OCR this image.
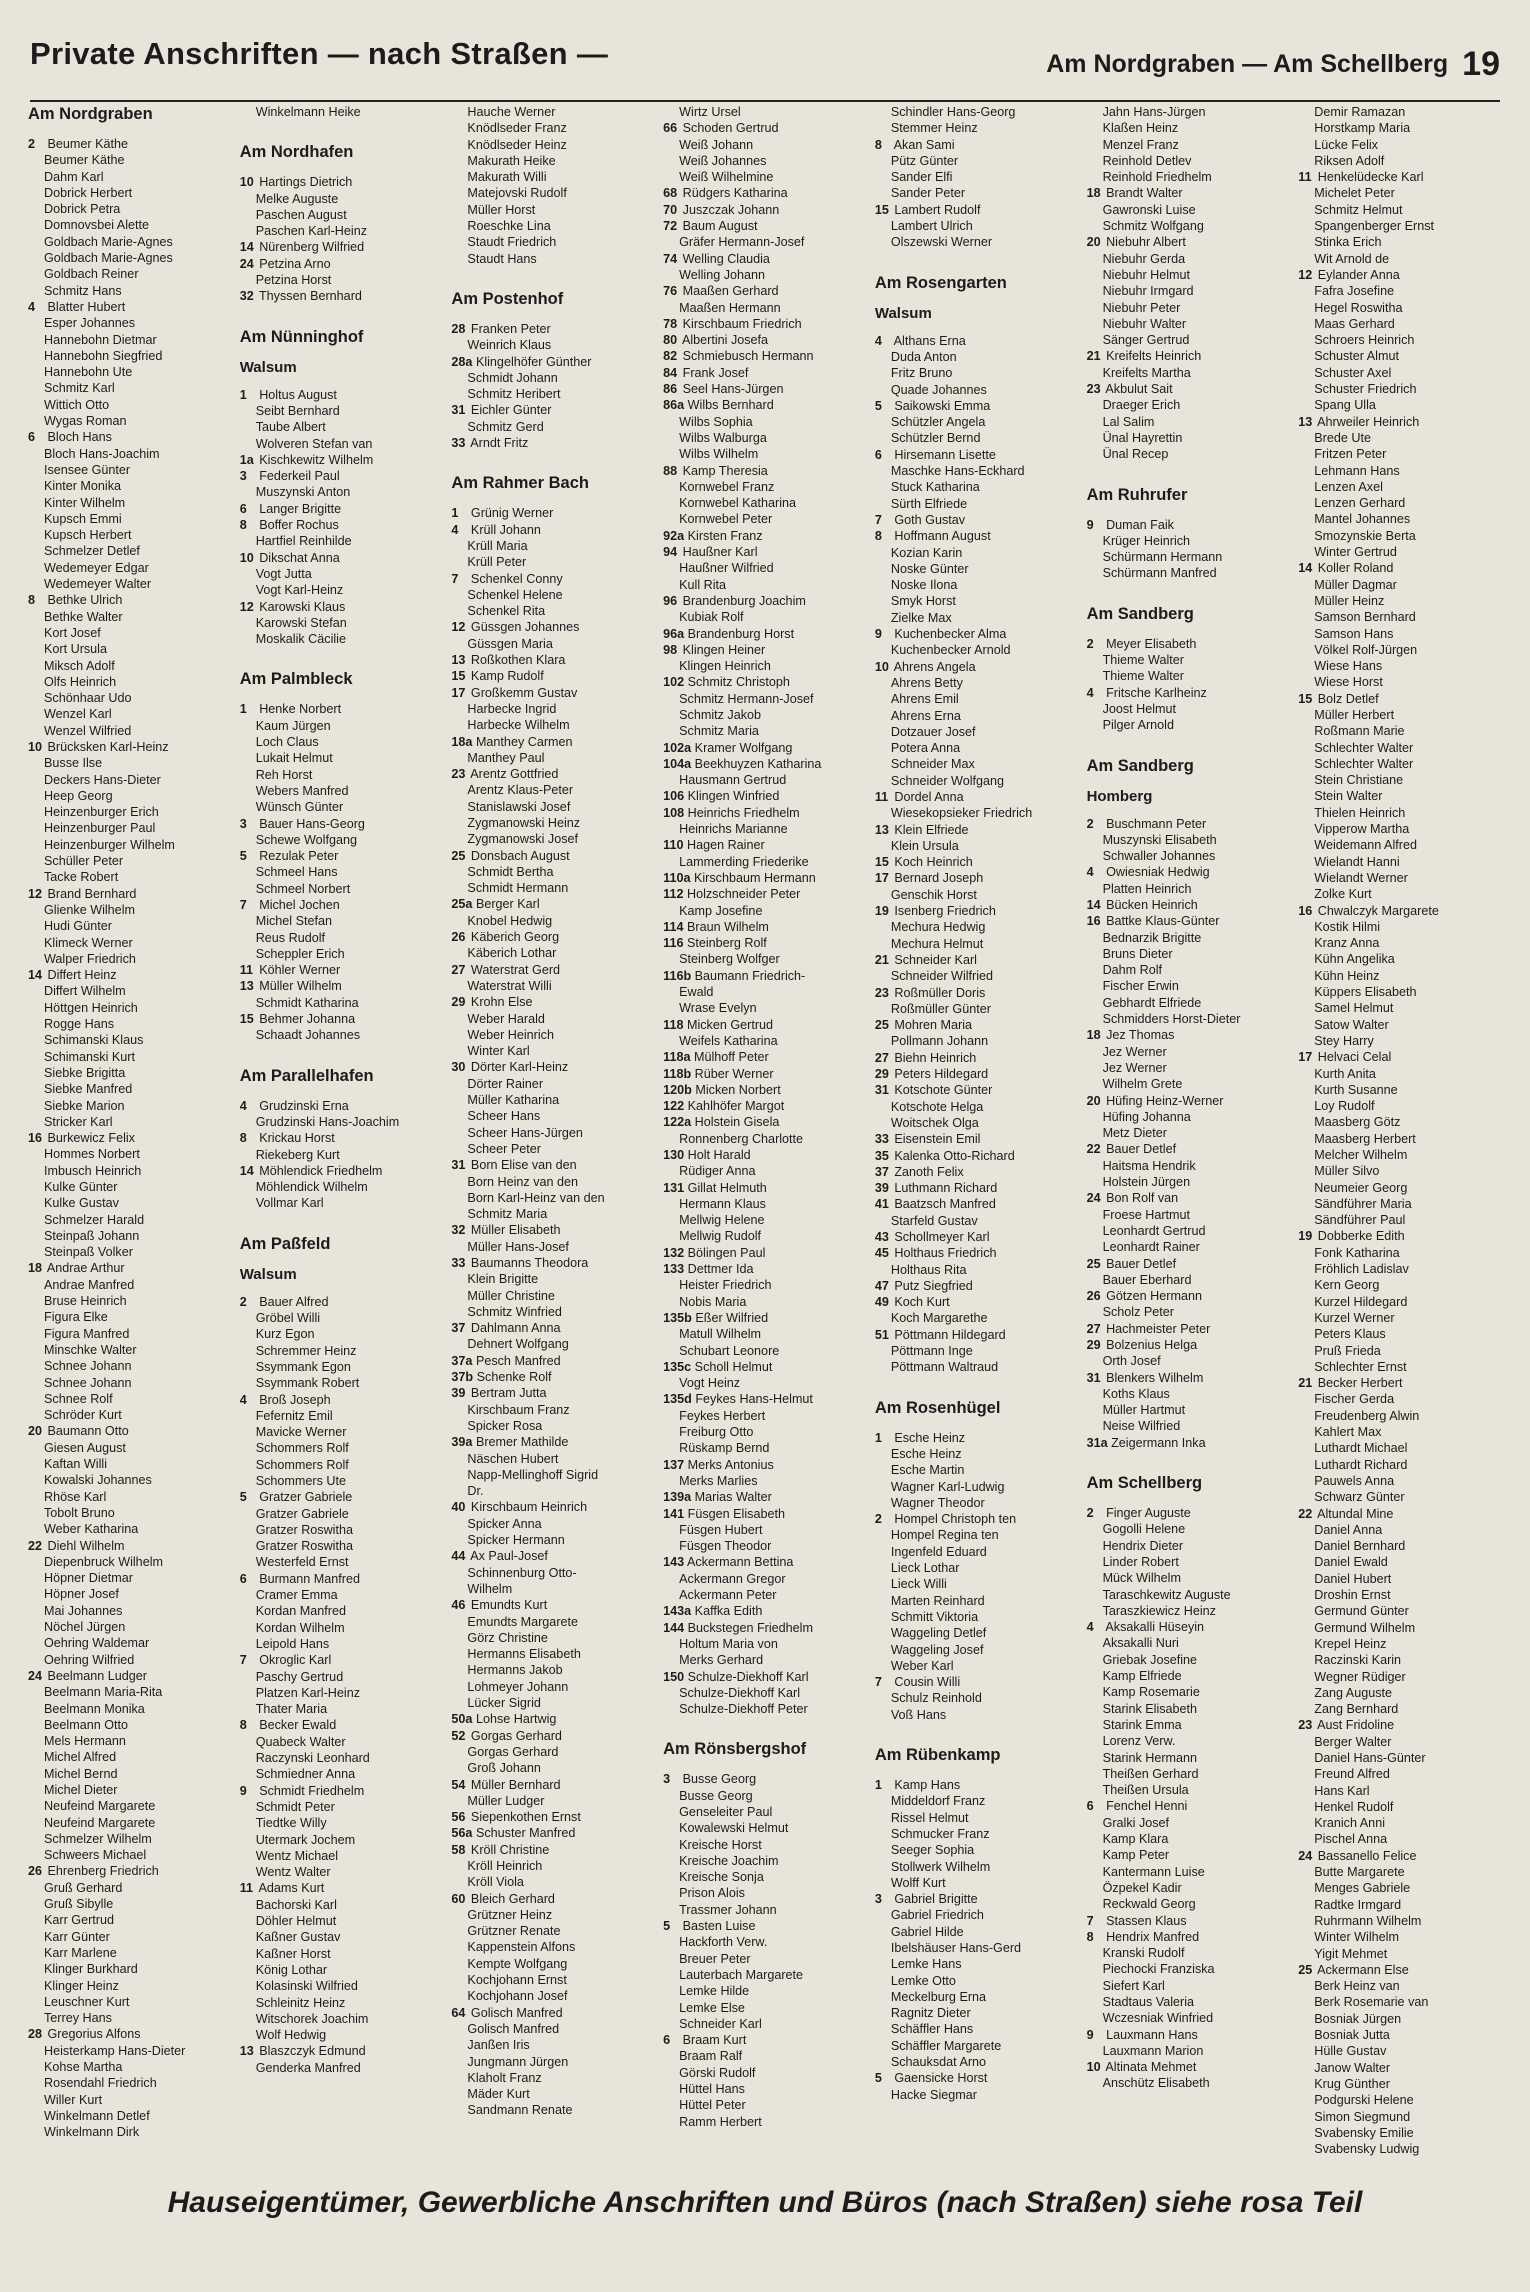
Private Anschriften — nach Straßen —	Am Nordgraben — Am Schellberg 19
Am Nordgraben
2 Beumer Käthe
Beumer Käthe
Dahm Karl
Dobrick Herbert
Dobrick Petra
Domnovsbei Alette
Goldbach Marie-Agnes
Goldbach Marie-Agnes
Goldbach Reiner
Schmitz Hans
4 Blatter Hubert
Esper Johannes
Hannebohn Dietmar
Hannebohn Siegfried
Hannebohn Ute
Schmitz Karl
Wittich Otto
Wygas Roman
6 Bloch Hans
Bloch Hans-Joachim
Isensee Günter
Kinter Monika
Kinter Wilhelm
Kupsch Emmi
Kupsch Herbert
Schmelzer Detlef
Wedemeyer Edgar
Wedemeyer Walter
8 Bethke Ulrich
Bethke Walter
Kort Josef
Kort Ursula
Miksch Adolf
Olfs Heinrich
Schönhaar Udo
Wenzel Karl
Wenzel Wilfried
10 Brücksken Karl-Heinz
Busse Ilse
Deckers Hans-Dieter
Heep Georg
Heinzenburger Erich
Heinzenburger Paul
Heinzenburger Wilhelm
Schüller Peter
Tacke Robert
12 Brand Bernhard
Glienke Wilhelm
Hudi Günter
Klimeck Werner
Walper Friedrich
14 Differt Heinz
Differt Wilhelm
Höttgen Heinrich
Rogge Hans
Schimanski Klaus
Schimanski Kurt
Siebke Brigitta
Siebke Manfred
Siebke Marion
Stricker Karl
16 Burkewicz Felix
Hommes Norbert
Imbusch Heinrich
Kulke Günter
Kulke Gustav
Schmelzer Harald
Steinpaß Johann
Steinpaß Volker
18 Andrae Arthur
Andrae Manfred
Bruse Heinrich
Figura Elke
Figura Manfred
Minschke Walter
Schnee Johann
Schnee Johann
Schnee Rolf
Schröder Kurt
20 Baumann Otto
Giesen August
Kaftan Willi
Kowalski Johannes
Rhöse Karl
Tobolt Bruno
Weber Katharina
22 Diehl Wilhelm
Diepenbruck Wilhelm
Höpner Dietmar
Höpner Josef
Mai Johannes
Nöchel Jürgen
Oehring Waldemar
Oehring Wilfried
24 Beelmann Ludger
Beelmann Maria-Rita
Beelmann Monika
Beelmann Otto
Mels Hermann
Michel Alfred
Michel Bernd
Michel Dieter
Neufeind Margarete
Neufeind Margarete
Schmelzer Wilhelm
Schweers Michael
26 Ehrenberg Friedrich
Gruß Gerhard
Gruß Sibylle
Karr Gertrud
Karr Günter
Karr Marlene
Klinger Burkhard
Klinger Heinz
Leuschner Kurt
Terrey Hans
28 Gregorius Alfons
Heisterkamp Hans-Dieter
Kohse Martha
Rosendahl Friedrich
Willer Kurt
Winkelmann Detlef
Winkelmann Dirk
Winkelmann Heike
Am Nordhafen
10 Hartings Dietrich
Melke Auguste
Paschen August
Paschen Karl-Heinz
14 Nürenberg Wilfried
24 Petzina Arno
Petzina Horst
32 Thyssen Bernhard
Am Nünninghof
Walsum
1 Holtus August
Seibt Bernhard
Taube Albert
Wolveren Stefan van
1a Kischkewitz Wilhelm
3 Federkeil Paul
Muszynski Anton
6 Langer Brigitte
8 Boffer Rochus
Hartfiel Reinhilde
10 Dikschat Anna
Vogt Jutta
Vogt Karl-Heinz
12 Karowski Klaus
Karowski Stefan
Moskalik Cäcilie
Am Palmbleck
1 Henke Norbert
Kaum Jürgen
Loch Claus
Lukait Helmut
Reh Horst
Webers Manfred
Wünsch Günter
3 Bauer Hans-Georg
Schewe Wolfgang
5 Rezulak Peter
Schmeel Hans
Schmeel Norbert
7 Michel Jochen
Michel Stefan
Reus Rudolf
Scheppler Erich
11 Köhler Werner
13 Müller Wilhelm
Schmidt Katharina
15 Behmer Johanna
Schaadt Johannes
Am Parallelhafen
4 Grudzinski Erna
Grudzinski Hans-Joachim
8 Krickau Horst
Riekeberg Kurt
14 Möhlendick Friedhelm
Möhlendick Wilhelm
Vollmar Karl
Am Paßfeld
Walsum
2 Bauer Alfred
Gröbel Willi
Kurz Egon
Schremmer Heinz
Ssymmank Egon
Ssymmank Robert
4 Broß Joseph
Fefernitz Emil
Mavicke Werner
Schommers Rolf
Schommers Rolf
Schommers Ute
5 Gratzer Gabriele
Gratzer Gabriele
Gratzer Roswitha
Gratzer Roswitha
Westerfeld Ernst
6 Burmann Manfred
Cramer Emma
Kordan Manfred
Kordan Wilhelm
Leipold Hans
7 Okroglic Karl
Paschy Gertrud
Platzen Karl-Heinz
Thater Maria
8 Becker Ewald
Quabeck Walter
Raczynski Leonhard
Schmiedner Anna
9 Schmidt Friedhelm
Schmidt Peter
Tiedtke Willy
Utermark Jochem
Wentz Michael
Wentz Walter
11 Adams Kurt
Bachorski Karl
Döhler Helmut
Kaßner Gustav
Kaßner Horst
König Lothar
Kolasinski Wilfried
Schleinitz Heinz
Witschorek Joachim
Wolf Hedwig
13 Blaszczyk Edmund
Genderka Manfred
Hauche Werner
Knödlseder Franz
Knödlseder Heinz
Makurath Heike
Makurath Willi
Matejovski Rudolf
Müller Horst
Roeschke Lina
Staudt Friedrich
Staudt Hans
Am Postenhof
28 Franken Peter
Weinrich Klaus
28a Klingelhöfer Günther
Schmidt Johann
Schmitz Heribert
31 Eichler Günter
Schmitz Gerd
33 Arndt Fritz
Am Rahmer Bach
1 Grünig Werner
4 Krüll Johann
Krüll Maria
Krüll Peter
7 Schenkel Conny
Schenkel Helene
Schenkel Rita
12 Güssgen Johannes
Güssgen Maria
13 Roßkothen Klara
15 Kamp Rudolf
17 Großkemm Gustav
Harbecke Ingrid
Harbecke Wilhelm
18a Manthey Carmen
Manthey Paul
23 Arentz Gottfried
Arentz Klaus-Peter
Stanislawski Josef
Zygmanowski Heinz
Zygmanowski Josef
25 Donsbach August
Schmidt Bertha
Schmidt Hermann
25a Berger Karl
Knobel Hedwig
26 Käberich Georg
Käberich Lothar
27 Waterstrat Gerd
Waterstrat Willi
29 Krohn Else
Weber Harald
Weber Heinrich
Winter Karl
30 Dörter Karl-Heinz
Dörter Rainer
Müller Katharina
Scheer Hans
Scheer Hans-Jürgen
Scheer Peter
31 Born Elise van den
Born Heinz van den
Born Karl-Heinz van den
Schmitz Maria
32 Müller Elisabeth
Müller Hans-Josef
33 Baumanns Theodora
Klein Brigitte
Müller Christine
Schmitz Winfried
37 Dahlmann Anna
Dehnert Wolfgang
37a Pesch Manfred
37b Schenke Rolf
39 Bertram Jutta
Kirschbaum Franz
Spicker Rosa
39a Bremer Mathilde
Näschen Hubert
Napp-Mellinghoff Sigrid
Dr.
40 Kirschbaum Heinrich
Spicker Anna
Spicker Hermann
44 Ax Paul-Josef
Schinnenburg Otto-
Wilhelm
46 Emundts Kurt
Emundts Margarete
Görz Christine
Hermanns Elisabeth
Hermanns Jakob
Lohmeyer Johann
Lücker Sigrid
50a Lohse Hartwig
52 Gorgas Gerhard
Gorgas Gerhard
Groß Johann
54 Müller Bernhard
Müller Ludger
56 Siepenkothen Ernst
56a Schuster Manfred
58 Kröll Christine
Kröll Heinrich
Kröll Viola
60 Bleich Gerhard
Grützner Heinz
Grützner Renate
Kappenstein Alfons
Kempte Wolfgang
Kochjohann Ernst
Kochjohann Josef
64 Golisch Manfred
Golisch Manfred
Janßen Iris
Jungmann Jürgen
Klaholt Franz
Mäder Kurt
Sandmann Renate
Wirtz Ursel
66 Schoden Gertrud
Weiß Johann
Weiß Johannes
Weiß Wilhelmine
68 Rüdgers Katharina
70 Juszczak Johann
72 Baum August
Gräfer Hermann-Josef
74 Welling Claudia
Welling Johann
76 Maaßen Gerhard
Maaßen Hermann
78 Kirschbaum Friedrich
80 Albertini Josefa
82 Schmiebusch Hermann
84 Frank Josef
86 Seel Hans-Jürgen
86a Wilbs Bernhard
Wilbs Sophia
Wilbs Walburga
Wilbs Wilhelm
88 Kamp Theresia
Kornwebel Franz
Kornwebel Katharina
Kornwebel Peter
92a Kirsten Franz
94 Haußner Karl
Haußner Wilfried
Kull Rita
96 Brandenburg Joachim
Kubiak Rolf
96a Brandenburg Horst
98 Klingen Heiner
Klingen Heinrich
102 Schmitz Christoph
Schmitz Hermann-Josef
Schmitz Jakob
Schmitz Maria
102a Kramer Wolfgang
104a Beekhuyzen Katharina
Hausmann Gertrud
106 Klingen Winfried
108 Heinrichs Friedhelm
Heinrichs Marianne
110 Hagen Rainer
Lammerding Friederike
110a Kirschbaum Hermann
112 Holzschneider Peter
Kamp Josefine
114 Braun Wilhelm
116 Steinberg Rolf
Steinberg Wolfger
116b Baumann Friedrich-
Ewald
Wrase Evelyn
118 Micken Gertrud
Weifels Katharina
118a Mülhoff Peter
118b Rüber Werner
120b Micken Norbert
122 Kahlhöfer Margot
122a Holstein Gisela
Ronnenberg Charlotte
130 Holt Harald
Rüdiger Anna
131 Gillat Helmuth
Hermann Klaus
Mellwig Helene
Mellwig Rudolf
132 Bölingen Paul
133 Dettmer Ida
Heister Friedrich
Nobis Maria
135b Eßer Wilfried
Matull Wilhelm
Schubart Leonore
135c Scholl Helmut
Vogt Heinz
135d Feykes Hans-Helmut
Feykes Herbert
Freiburg Otto
Rüskamp Bernd
137 Merks Antonius
Merks Marlies
139a Marias Walter
141 Füsgen Elisabeth
Füsgen Hubert
Füsgen Theodor
143 Ackermann Bettina
Ackermann Gregor
Ackermann Peter
143a Kaffka Edith
144 Buckstegen Friedhelm
Holtum Maria von
Merks Gerhard
150 Schulze-Diekhoff Karl
Schulze-Diekhoff Karl
Schulze-Diekhoff Peter
Am Rönsbergshof
3 Busse Georg
Busse Georg
Genseleiter Paul
Kowalewski Helmut
Kreische Horst
Kreische Joachim
Kreische Sonja
Prison Alois
Trassmer Johann
5 Basten Luise
Hackforth Verw.
Breuer Peter
Lauterbach Margarete
Lemke Hilde
Lemke Else
Schneider Karl
6 Braam Kurt
Braam Ralf
Görski Rudolf
Hüttel Hans
Hüttel Peter
Ramm Herbert
Schindler Hans-Georg
Stemmer Heinz
8 Akan Sami
Pütz Günter
Sander Elfi
Sander Peter
15 Lambert Rudolf
Lambert Ulrich
Olszewski Werner
Am Rosengarten
Walsum
4 Althans Erna
Duda Anton
Fritz Bruno
Quade Johannes
5 Saikowski Emma
Schützler Angela
Schützler Bernd
6 Hirsemann Lisette
Maschke Hans-Eckhard
Stuck Katharina
Sürth Elfriede
7 Goth Gustav
8 Hoffmann August
Kozian Karin
Noske Günter
Noske Ilona
Smyk Horst
Zielke Max
9 Kuchenbecker Alma
Kuchenbecker Arnold
10 Ahrens Angela
Ahrens Betty
Ahrens Emil
Ahrens Erna
Dotzauer Josef
Potera Anna
Schneider Max
Schneider Wolfgang
11 Dordel Anna
Wiesekopsieker Friedrich
13 Klein Elfriede
Klein Ursula
15 Koch Heinrich
17 Bernard Joseph
Genschik Horst
19 Isenberg Friedrich
Mechura Hedwig
Mechura Helmut
21 Schneider Karl
Schneider Wilfried
23 Roßmüller Doris
Roßmüller Günter
25 Mohren Maria
Pollmann Johann
27 Biehn Heinrich
29 Peters Hildegard
31 Kotschote Günter
Kotschote Helga
Woitschek Olga
33 Eisenstein Emil
35 Kalenka Otto-Richard
37 Zanoth Felix
39 Luthmann Richard
41 Baatzsch Manfred
Starfeld Gustav
43 Schollmeyer Karl
45 Holthaus Friedrich
Holthaus Rita
47 Putz Siegfried
49 Koch Kurt
Koch Margarethe
51 Pöttmann Hildegard
Pöttmann Inge
Pöttmann Waltraud
Am Rosenhügel
1 Esche Heinz
Esche Heinz
Esche Martin
Wagner Karl-Ludwig
Wagner Theodor
2 Hompel Christoph ten
Hompel Regina ten
Ingenfeld Eduard
Lieck Lothar
Lieck Willi
Marten Reinhard
Schmitt Viktoria
Waggeling Detlef
Waggeling Josef
Weber Karl
7 Cousin Willi
Schulz Reinhold
Voß Hans
Am Rübenkamp
1 Kamp Hans
Middeldorf Franz
Rissel Helmut
Schmucker Franz
Seeger Sophia
Stollwerk Wilhelm
Wolff Kurt
3 Gabriel Brigitte
Gabriel Friedrich
Gabriel Hilde
Ibelshäuser Hans-Gerd
Lemke Hans
Lemke Otto
Meckelburg Erna
Ragnitz Dieter
Schäffler Hans
Schäffler Margarete
Schauksdat Arno
5 Gaensicke Horst
Hacke Siegmar
Jahn Hans-Jürgen
Klaßen Heinz
Menzel Franz
Reinhold Detlev
Reinhold Friedhelm
18 Brandt Walter
Gawronski Luise
Schmitz Wolfgang
20 Niebuhr Albert
Niebuhr Gerda
Niebuhr Helmut
Niebuhr Irmgard
Niebuhr Peter
Niebuhr Walter
Sänger Gertrud
21 Kreifelts Heinrich
Kreifelts Martha
23 Akbulut Sait
Draeger Erich
Lal Salim
Ünal Hayrettin
Ünal Recep
Am Ruhrufer
9 Duman Faik
Krüger Heinrich
Schürmann Hermann
Schürmann Manfred
Am Sandberg
2 Meyer Elisabeth
Thieme Walter
Thieme Walter
4 Fritsche Karlheinz
Joost Helmut
Pilger Arnold
Am Sandberg
Homberg
2 Buschmann Peter
Muszynski Elisabeth
Schwaller Johannes
4 Owiesniak Hedwig
Platten Heinrich
14 Bücken Heinrich
16 Battke Klaus-Günter
Bednarzik Brigitte
Bruns Dieter
Dahm Rolf
Fischer Erwin
Gebhardt Elfriede
Schmidders Horst-Dieter
18 Jez Thomas
Jez Werner
Jez Werner
Wilhelm Grete
20 Hüfing Heinz-Werner
Hüfing Johanna
Metz Dieter
22 Bauer Detlef
Haitsma Hendrik
Holstein Jürgen
24 Bon Rolf van
Froese Hartmut
Leonhardt Gertrud
Leonhardt Rainer
25 Bauer Detlef
Bauer Eberhard
26 Götzen Hermann
Scholz Peter
27 Hachmeister Peter
29 Bolzenius Helga
Orth Josef
31 Blenkers Wilhelm
Koths Klaus
Müller Hartmut
Neise Wilfried
31a Zeigermann Inka
Am Schellberg
2 Finger Auguste
Gogolli Helene
Hendrix Dieter
Linder Robert
Mück Wilhelm
Taraschkewitz Auguste
Taraszkiewicz Heinz
4 Aksakalli Hüseyin
Aksakalli Nuri
Griebak Josefine
Kamp Elfriede
Kamp Rosemarie
Starink Elisabeth
Starink Emma
Lorenz Verw.
Starink Hermann
Theißen Gerhard
Theißen Ursula
6 Fenchel Henni
Gralki Josef
Kamp Klara
Kamp Peter
Kantermann Luise
Özpekel Kadir
Reckwald Georg
7 Stassen Klaus
8 Hendrix Manfred
Kranski Rudolf
Piechocki Franziska
Siefert Karl
Stadtaus Valeria
Wczesniak Winfried
9 Lauxmann Hans
Lauxmann Marion
10 Altinata Mehmet
Anschütz Elisabeth
Demir Ramazan
Horstkamp Maria
Lücke Felix
Riksen Adolf
11 Henkelüdecke Karl
Michelet Peter
Schmitz Helmut
Spangenberger Ernst
Stinka Erich
Wit Arnold de
12 Eylander Anna
Fafra Josefine
Hegel Roswitha
Maas Gerhard
Schroers Heinrich
Schuster Almut
Schuster Axel
Schuster Friedrich
Spang Ulla
13 Ahrweiler Heinrich
Brede Ute
Fritzen Peter
Lehmann Hans
Lenzen Axel
Lenzen Gerhard
Mantel Johannes
Smozynskie Berta
Winter Gertrud
14 Koller Roland
Müller Dagmar
Müller Heinz
Samson Bernhard
Samson Hans
Völkel Rolf-Jürgen
Wiese Hans
Wiese Horst
15 Bolz Detlef
Müller Herbert
Roßmann Marie
Schlechter Walter
Schlechter Walter
Stein Christiane
Stein Walter
Thielen Heinrich
Vipperow Martha
Weidemann Alfred
Wielandt Hanni
Wielandt Werner
Zolke Kurt
16 Chwalczyk Margarete
Kostik Hilmi
Kranz Anna
Kühn Angelika
Kühn Heinz
Küppers Elisabeth
Samel Helmut
Satow Walter
Stey Harry
17 Helvaci Celal
Kurth Anita
Kurth Susanne
Loy Rudolf
Maasberg Götz
Maasberg Herbert
Melcher Wilhelm
Müller Silvo
Neumeier Georg
Sändführer Maria
Sändführer Paul
19 Dobberke Edith
Fonk Katharina
Fröhlich Ladislav
Kern Georg
Kurzel Hildegard
Kurzel Werner
Peters Klaus
Pruß Frieda
Schlechter Ernst
21 Becker Herbert
Fischer Gerda
Freudenberg Alwin
Kahlert Max
Luthardt Michael
Luthardt Richard
Pauwels Anna
Schwarz Günter
22 Altundal Mine
Daniel Anna
Daniel Bernhard
Daniel Ewald
Daniel Hubert
Droshin Ernst
Germund Günter
Germund Wilhelm
Krepel Heinz
Raczinski Karin
Wegner Rüdiger
Zang Auguste
Zang Bernhard
23 Aust Fridoline
Berger Walter
Daniel Hans-Günter
Freund Alfred
Hans Karl
Henkel Rudolf
Kranich Anni
Pischel Anna
24 Bassanello Felice
Butte Margarete
Menges Gabriele
Radtke Irmgard
Ruhrmann Wilhelm
Winter Wilhelm
Yigit Mehmet
25 Ackermann Else
Berk Heinz van
Berk Rosemarie van
Bosniak Jürgen
Bosniak Jutta
Hülle Gustav
Janow Walter
Krug Günther
Podgurski Helene
Simon Siegmund
Svabensky Emilie
Svabensky Ludwig
Hauseigentümer, Gewerbliche Anschriften und Büros (nach Straßen) siehe rosa Teil
